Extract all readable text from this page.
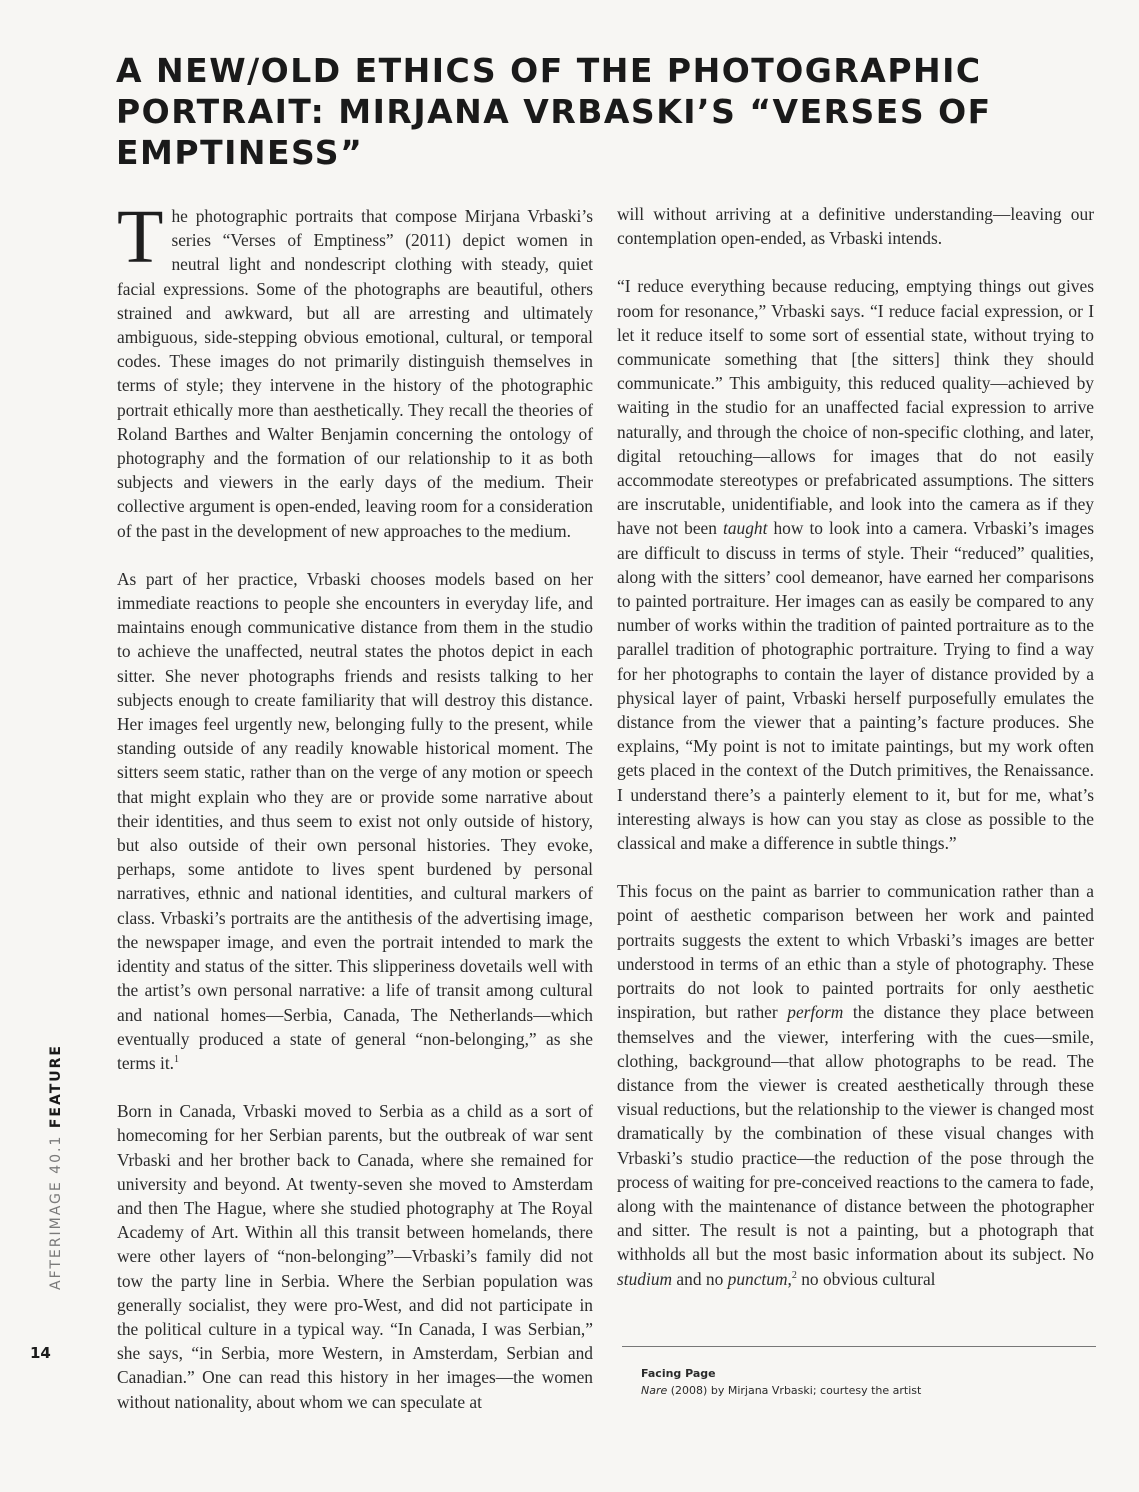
A NEW/OLD ETHICS OF THE PHOTOGRAPHIC
PORTRAIT: MIRJANA VRBASKI’S “VERSES OF
EMPTINESS”

The photographic portraits that compose Mirjana Vrbaski’s series “Verses of Emptiness” (2011) depict women in neutral light and nondescript clothing with steady, quiet facial expressions. Some of the photographs are beautiful, others strained and awkward, but all are arresting and ultimately ambiguous, side-stepping obvious emotional, cultural, or temporal codes. These images do not primarily distinguish themselves in terms of style; they intervene in the history of the photographic portrait ethically more than aesthetically. They recall the theories of Roland Barthes and Walter Benjamin concerning the ontology of photography and the formation of our relationship to it as both subjects and viewers in the early days of the medium. Their collective argument is open-ended, leaving room for a consideration of the past in the development of new approaches to the medium.

As part of her practice, Vrbaski chooses models based on her immediate reactions to people she encounters in everyday life, and maintains enough communicative distance from them in the studio to achieve the unaffected, neutral states the photos depict in each sitter. She never photographs friends and resists talking to her subjects enough to create familiarity that will destroy this distance. Her images feel urgently new, belonging fully to the present, while standing outside of any readily knowable historical moment. The sitters seem static, rather than on the verge of any motion or speech that might explain who they are or provide some narrative about their identities, and thus seem to exist not only outside of history, but also outside of their own personal histories. They evoke, perhaps, some antidote to lives spent burdened by personal narratives, ethnic and national identities, and cultural markers of class. Vrbaski’s portraits are the antithesis of the advertising image, the newspaper image, and even the portrait intended to mark the identity and status of the sitter. This slipperiness dovetails well with the artist’s own personal narrative: a life of transit among cultural and national homes—Serbia, Canada, The Netherlands—which eventually produced a state of general “non-belonging,” as she terms it.$^1$

Born in Canada, Vrbaski moved to Serbia as a child as a sort of homecoming for her Serbian parents, but the outbreak of war sent Vrbaski and her brother back to Canada, where she remained for university and beyond. At twenty-seven she moved to Amsterdam and then The Hague, where she studied photography at The Royal Academy of Art. Within all this transit between homelands, there were other layers of “non-belonging”—Vrbaski’s family did not tow the party line in Serbia. Where the Serbian population was generally socialist, they were pro-West, and did not participate in the political culture in a typical way. “In Canada, I was Serbian,” she says, “in Serbia, more Western, in Amsterdam, Serbian and Canadian.” One can read this history in her images—the women without nationality, about whom we can speculate at

will without arriving at a definitive understanding—leaving our contemplation open-ended, as Vrbaski intends.

“I reduce everything because reducing, emptying things out gives room for resonance,” Vrbaski says. “I reduce facial expression, or I let it reduce itself to some sort of essential state, without trying to communicate something that [the sitters] think they should communicate.” This ambiguity, this reduced quality—achieved by waiting in the studio for an unaffected facial expression to arrive naturally, and through the choice of non-specific clothing, and later, digital retouching—allows for images that do not easily accommodate stereotypes or prefabricated assumptions. The sitters are inscrutable, unidentifiable, and look into the camera as if they have not been taught how to look into a camera. Vrbaski’s images are difficult to discuss in terms of style. Their “reduced” qualities, along with the sitters’ cool demeanor, have earned her comparisons to painted portraiture. Her images can as easily be compared to any number of works within the tradition of painted portraiture as to the parallel tradition of photographic portraiture. Trying to find a way for her photographs to contain the layer of distance provided by a physical layer of paint, Vrbaski herself purposefully emulates the distance from the viewer that a painting’s facture produces. She explains, “My point is not to imitate paintings, but my work often gets placed in the context of the Dutch primitives, the Renaissance. I understand there’s a painterly element to it, but for me, what’s interesting always is how can you stay as close as possible to the classical and make a difference in subtle things.”

This focus on the paint as barrier to communication rather than a point of aesthetic comparison between her work and painted portraits suggests the extent to which Vrbaski’s images are better understood in terms of an ethic than a style of photography. These portraits do not look to painted portraits for only aesthetic inspiration, but rather perform the distance they place between themselves and the viewer, interfering with the cues—smile, clothing, background—that allow photographs to be read. The distance from the viewer is created aesthetically through these visual reductions, but the relationship to the viewer is changed most dramatically by the combination of these visual changes with Vrbaski’s studio practice—the reduction of the pose through the process of waiting for pre-conceived reactions to the camera to fade, along with the maintenance of distance between the photographer and sitter. The result is not a painting, but a photograph that withholds all but the most basic information about its subject. No studium and no punctum,$^2$ no obvious cultural

AFTERIMAGE 40.1 FEATURE
14
Facing Page
Nare (2008) by Mirjana Vrbaski; courtesy the artist
